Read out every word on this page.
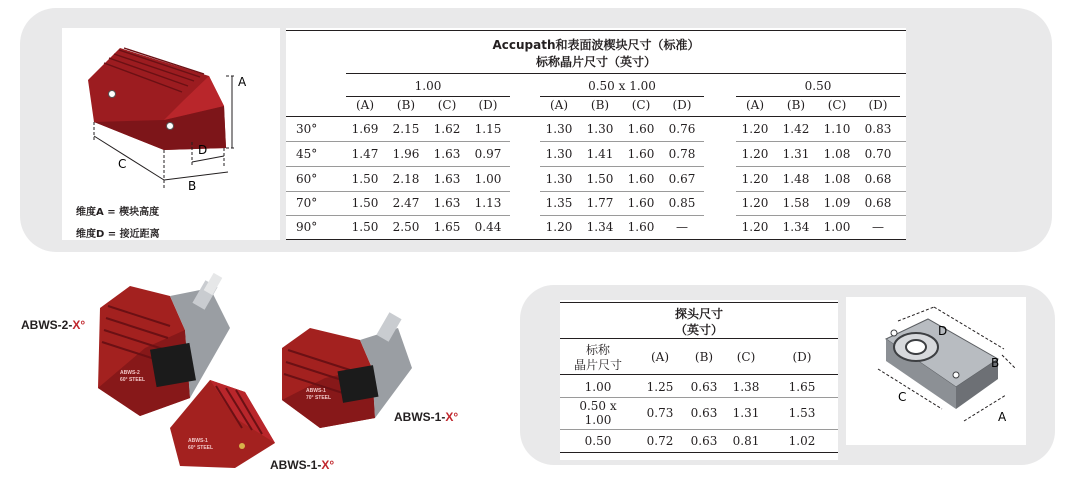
A
C
D
B
维度A = 楔块高度
维度D = 接近距离
Accupath和表面波楔块尺寸（标准）
标称晶片尺寸（英寸）
1.00	0.50 x 1.00	0.50
(A)	(B)	(C)	(D)	(A)	(B)	(C)	(D)	(A)	(B)	(C)	(D)
30°	1.69	2.15	1.62	1.15	1.30	1.30	1.60	0.76	1.20	1.42	1.10	0.83
45°	1.47	1.96	1.63	0.97	1.30	1.41	1.60	0.78	1.20	1.31	1.08	0.70
60°	1.50	2.18	1.63	1.00	1.30	1.50	1.60	0.67	1.20	1.48	1.08	0.68
70°	1.50	2.47	1.63	1.13	1.35	1.77	1.60	0.85	1.20	1.58	1.09	0.68
90°	1.50	2.50	1.65	0.44	1.20	1.34	1.60	—	1.20	1.34	1.00	—
ABWS-2
60° STEEL
ABWS-1
70° STEEL
ABWS-1
60° STEEL
ABWS-2-X°
ABWS-1-X°
ABWS-1-X°
探头尺寸
（英寸）
标称
晶片尺寸
(A)	(B)	(C)	(D)
1.00	1.25	0.63	1.38	1.65
0.50 x
1.00	0.73	0.63	1.31	1.53
0.50	0.72	0.63	0.81	1.02
D
B
C
A
